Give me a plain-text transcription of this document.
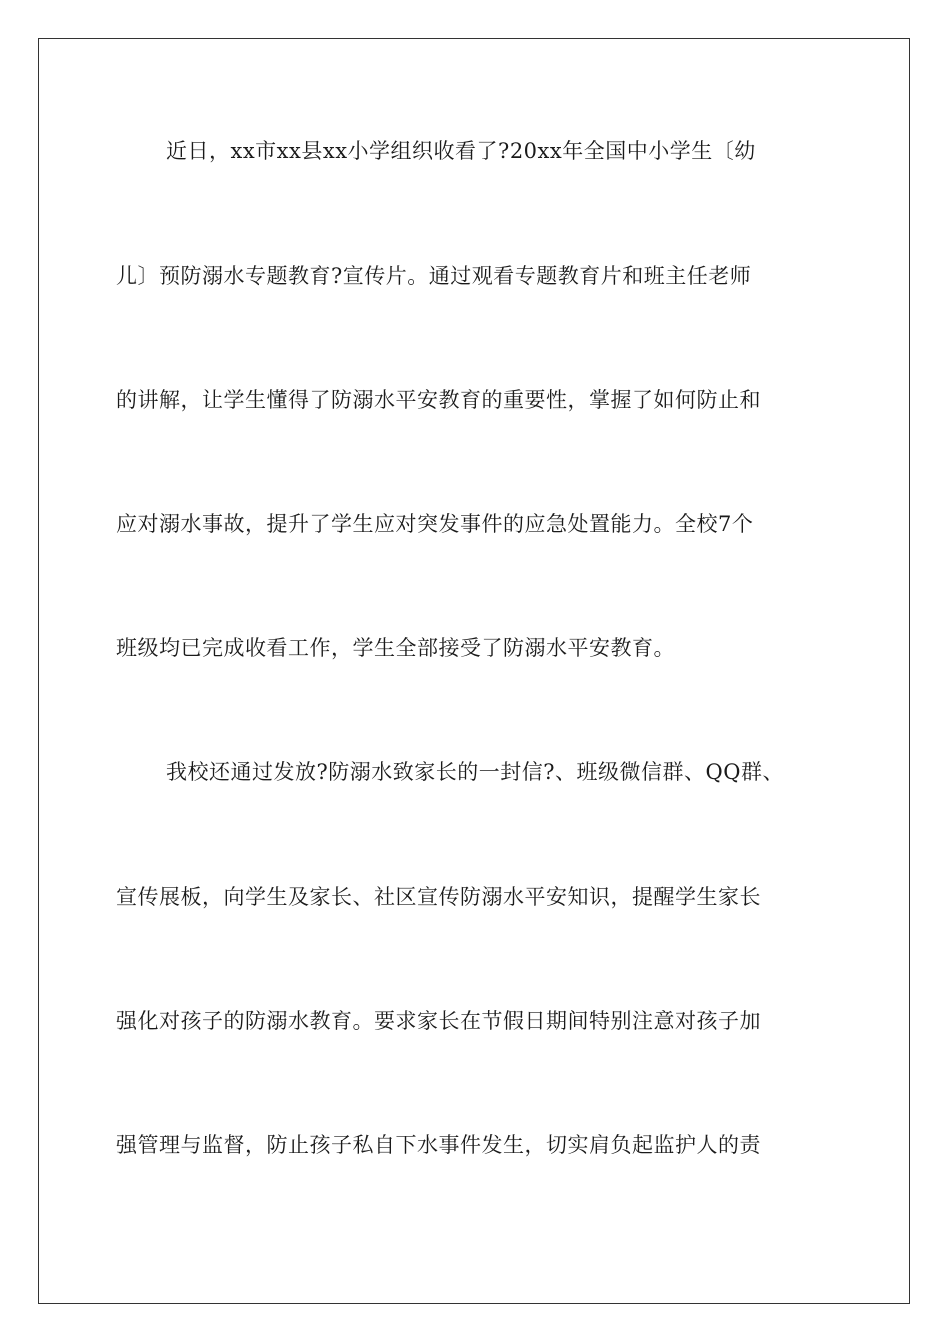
近日，xx市xx县xx小学组织收看了?20xx年全国中小学生〔幼
儿〕预防溺水专题教育?宣传片。通过观看专题教育片和班主任老师
的讲解，让学生懂得了防溺水平安教育的重要性，掌握了如何防止和
应对溺水事故，提升了学生应对突发事件的应急处置能力。全校7个
班级均已完成收看工作，学生全部接受了防溺水平安教育。
我校还通过发放?防溺水致家长的一封信?、班级微信群、QQ群、
宣传展板，向学生及家长、社区宣传防溺水平安知识，提醒学生家长
强化对孩子的防溺水教育。要求家长在节假日期间特别注意对孩子加
强管理与监督，防止孩子私自下水事件发生，切实肩负起监护人的责
